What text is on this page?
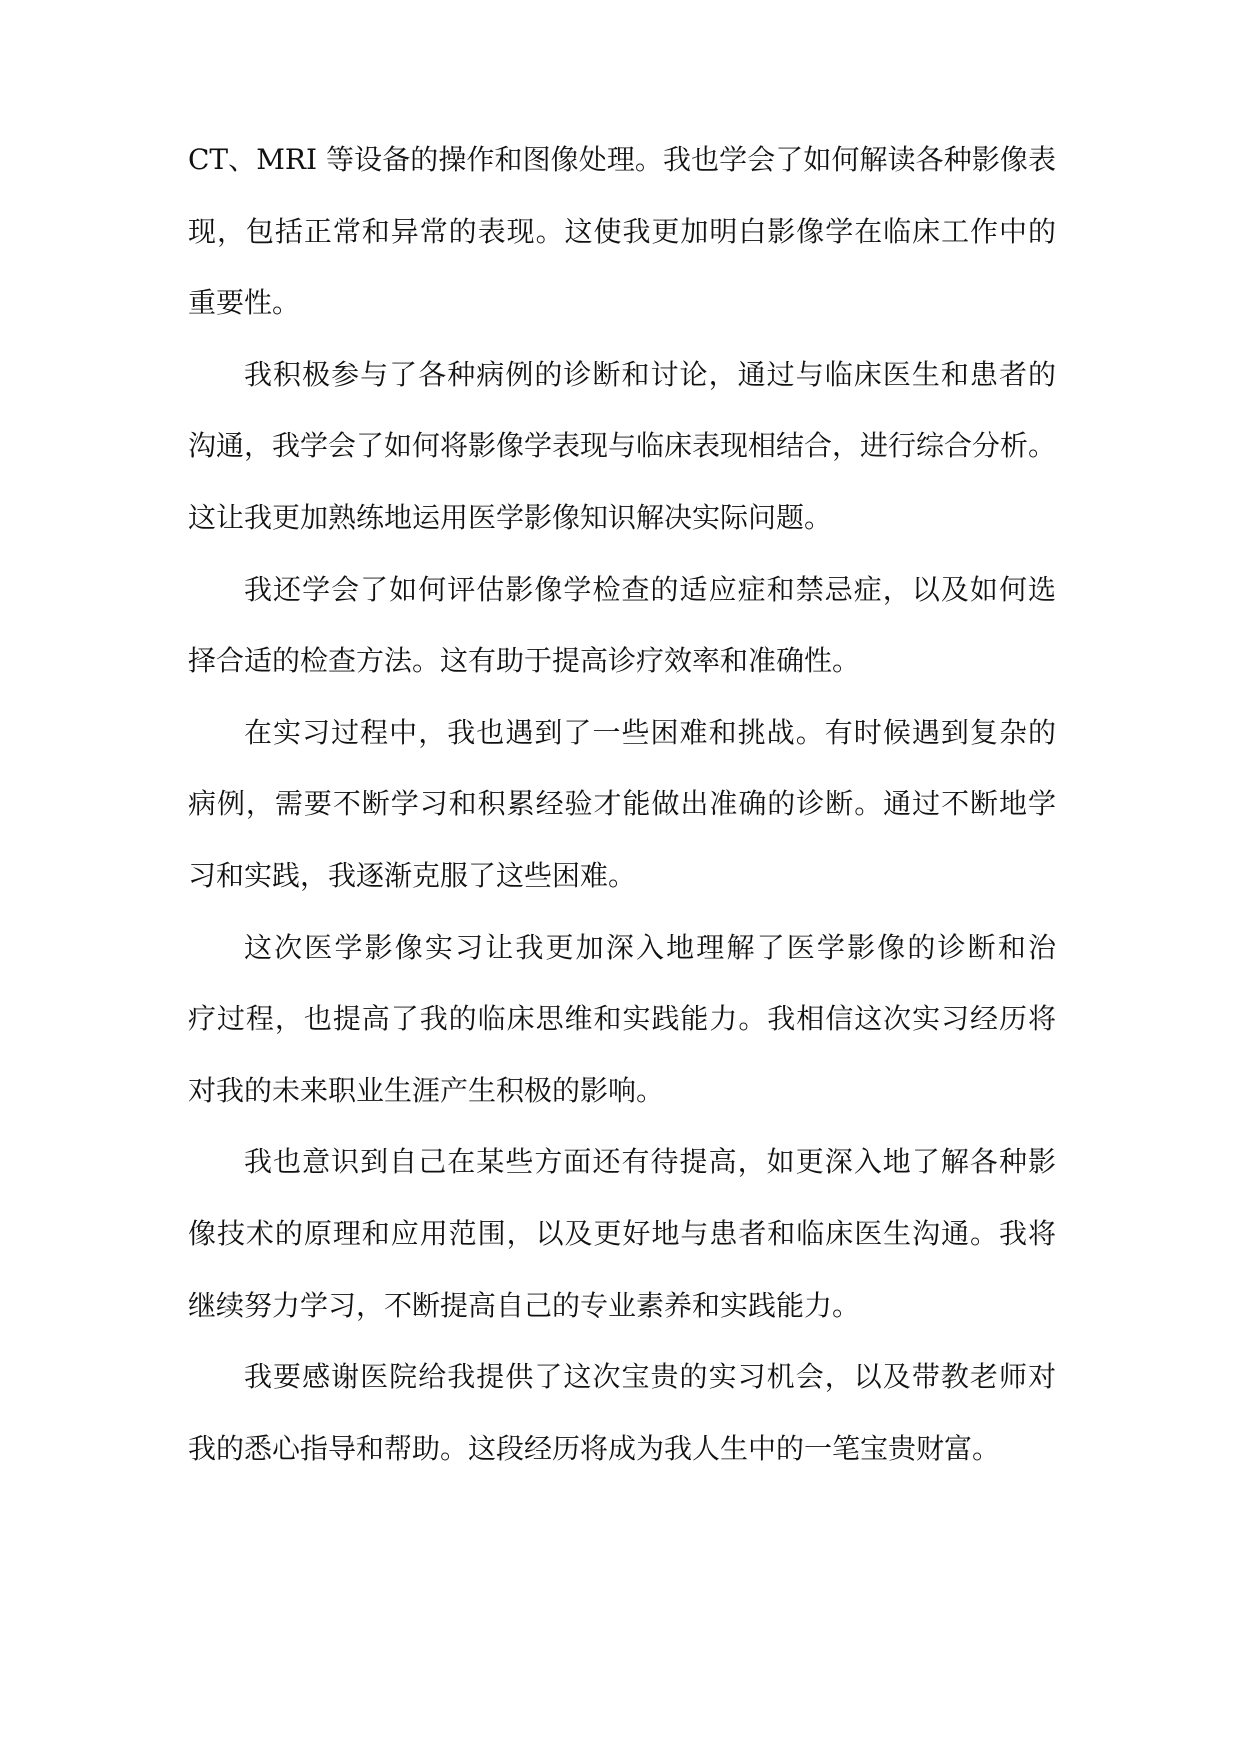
CT、MRI 等设备的操作和图像处理。我也学会了如何解读各种影像表
现，包括正常和异常的表现。这使我更加明白影像学在临床工作中的
重要性。
我积极参与了各种病例的诊断和讨论，通过与临床医生和患者的
沟通，我学会了如何将影像学表现与临床表现相结合，进行综合分析。
这让我更加熟练地运用医学影像知识解决实际问题。
我还学会了如何评估影像学检查的适应症和禁忌症，以及如何选
择合适的检查方法。这有助于提高诊疗效率和准确性。
在实习过程中，我也遇到了一些困难和挑战。有时候遇到复杂的
病例，需要不断学习和积累经验才能做出准确的诊断。通过不断地学
习和实践，我逐渐克服了这些困难。
这次医学影像实习让我更加深入地理解了医学影像的诊断和治
疗过程，也提高了我的临床思维和实践能力。我相信这次实习经历将
对我的未来职业生涯产生积极的影响。
我也意识到自己在某些方面还有待提高，如更深入地了解各种影
像技术的原理和应用范围，以及更好地与患者和临床医生沟通。我将
继续努力学习，不断提高自己的专业素养和实践能力。
我要感谢医院给我提供了这次宝贵的实习机会，以及带教老师对
我的悉心指导和帮助。这段经历将成为我人生中的一笔宝贵财富。
